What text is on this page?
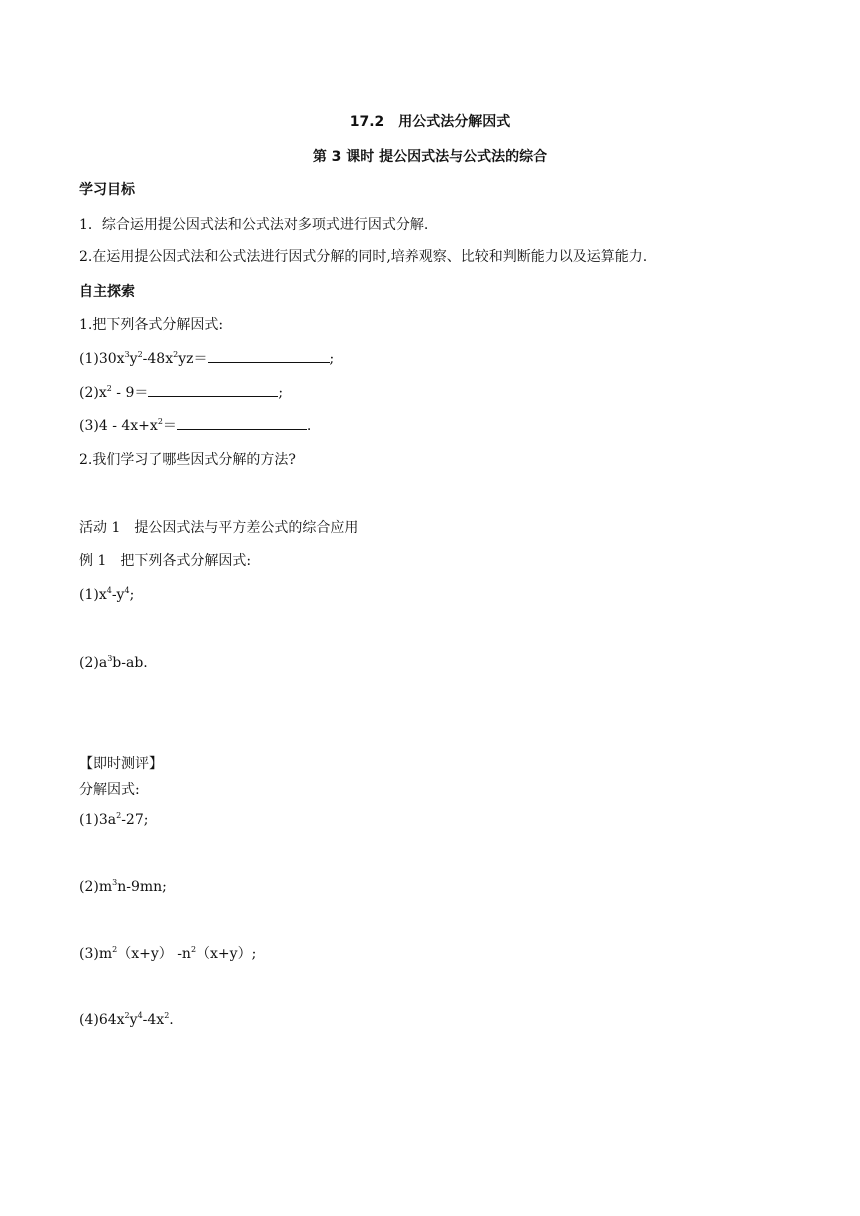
17.2　用公式法分解因式
第 3 课时 提公因式法与公式法的综合
学习目标
1．综合运用提公因式法和公式法对多项式进行因式分解.
2.在运用提公因式法和公式法进行因式分解的同时,培养观察、比较和判断能力以及运算能力.
自主探索
1.把下列各式分解因式:
$(1)30x^3y^2-48x^2yz=$	;
$(2)x^2 - 9=$	;
$(3)4 - 4x+x^2=$	.
2.我们学习了哪些因式分解的方法?
活动 1　提公因式法与平方差公式的综合应用
例 1　把下列各式分解因式:
$(1)x^4-y^4$;
$(2)a^3b-ab$.
【即时测评】
分解因式:
$(1)3a^2-27$;
$(2)m^3n-9mn$;
$(3)m^2(x+y)$ $-n^2(x+y)$;
$(4)64x^2y^4-4x^2$.
